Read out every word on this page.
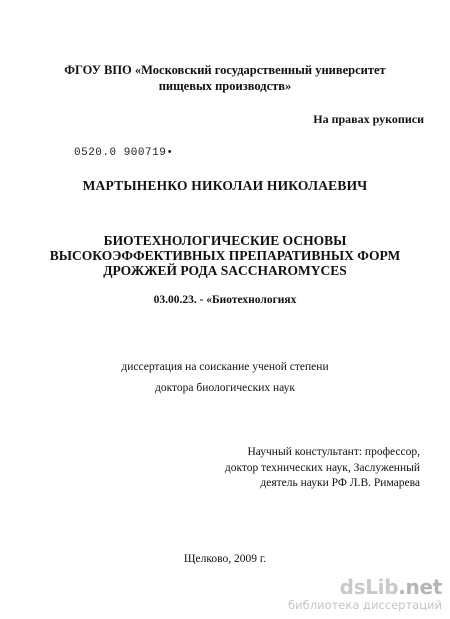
ФГОУ ВПО «Московский государственный университет
пищевых производств»
На правах рукописи
0520.0 900719•
МАРТЫНЕНКО НИКОЛАИ НИКОЛАЕВИЧ
БИОТЕХНОЛОГИЧЕСКИЕ ОСНОВЫ
ВЫСОКОЭФФЕКТИВНЫХ ПРЕПАРАТИВНЫХ ФОРМ
ДРОЖЖЕЙ РОДА SACCHAROMYCES
03.00.23. - «Биотехнологиях
диссертация на соискание ученой степени
доктора биологических наук
Научный констультант: профессор,
доктор технических наук, Заслуженный
деятель науки РФ Л.В. Римарева
Щелково, 2009 г.
dsLib.net
библиотека диссертаций
